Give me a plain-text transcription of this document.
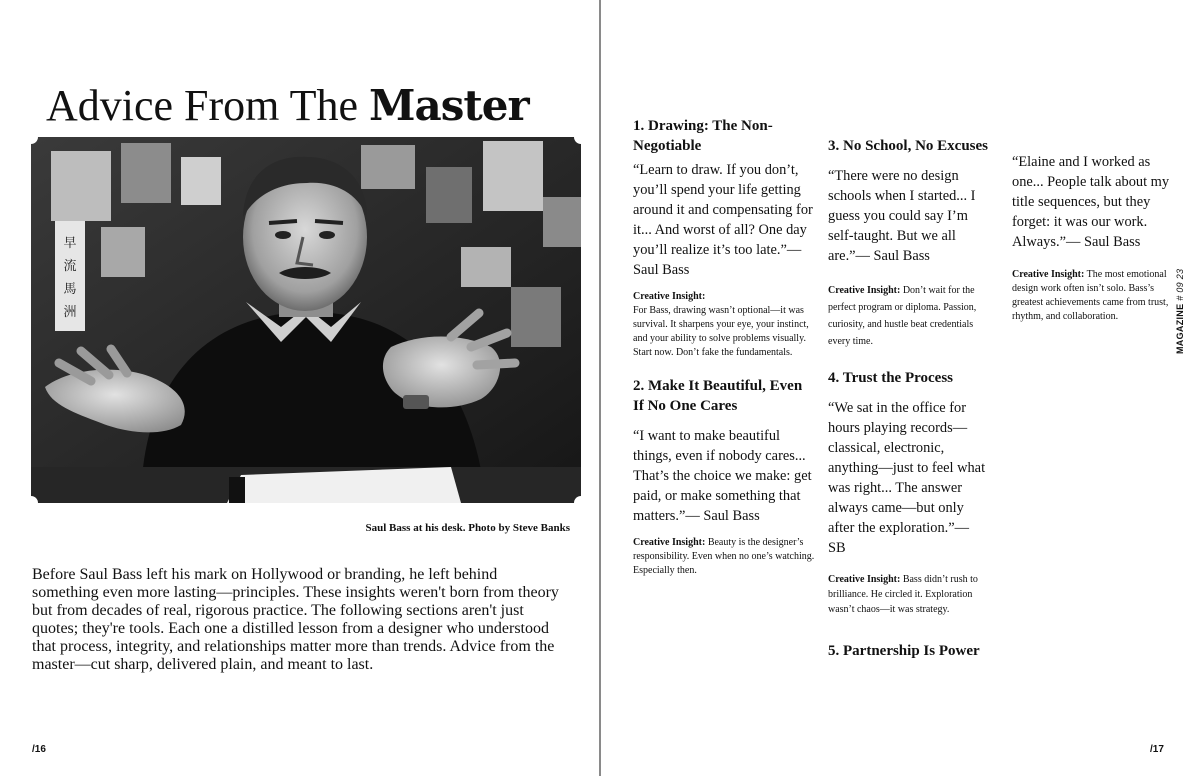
Advice From The Master
早
流
馬
洲
Saul Bass at his desk. Photo by Steve Banks

Before Saul Bass left his mark on Hollywood or branding, he left behind something even more lasting—principles. These insights weren't born from theory but from decades of real, rigorous practice. The following sections aren't just quotes; they're tools. Each one a distilled lesson from a designer who understood that process, integrity, and relationships matter more than trends. Advice from the master—cut sharp, delivered plain, and meant to last.

/16
1. Drawing: The Non-Negotiable
“Learn to draw. If you don’t, you’ll spend your life getting around it and compensating for it... And worst of all? One day you’ll realize it’s too late.”— Saul Bass
Creative Insight:
For Bass, drawing wasn’t optional—it was survival. It sharpens your eye, your instinct, and your ability to solve problems visually. Start now. Don’t fake the fundamentals.
2. Make It Beautiful, Even If No One Cares
“I want to make beautiful things, even if nobody cares... That’s the choice we make: get paid, or make something that matters.”— Saul Bass
Creative Insight: Beauty is the designer’s responsibility. Even when no one’s watching. Especially then.
3. No School, No Excuses
“There were no design schools when I started... I guess you could say I’m self-taught. But we all are.”— Saul Bass
Creative Insight: Don’t wait for the perfect program or diploma. Passion, curiosity, and hustle beat credentials every time.
4. Trust the Process
“We sat in the office for hours playing records—classical, electronic, anything—just to feel what was right... The answer always came—but only after the exploration.”— SB
Creative Insight: Bass didn’t rush to brilliance. He circled it. Exploration wasn’t chaos—it was strategy.
5. Partnership Is Power
“Elaine and I worked as one... People talk about my title sequences, but they forget: it was our work. Always.”— Saul Bass
Creative Insight: The most emotional design work often isn’t solo. Bass’s greatest achievements came from trust, rhythm, and collaboration.	MAGAZINE # 09 23
/17
